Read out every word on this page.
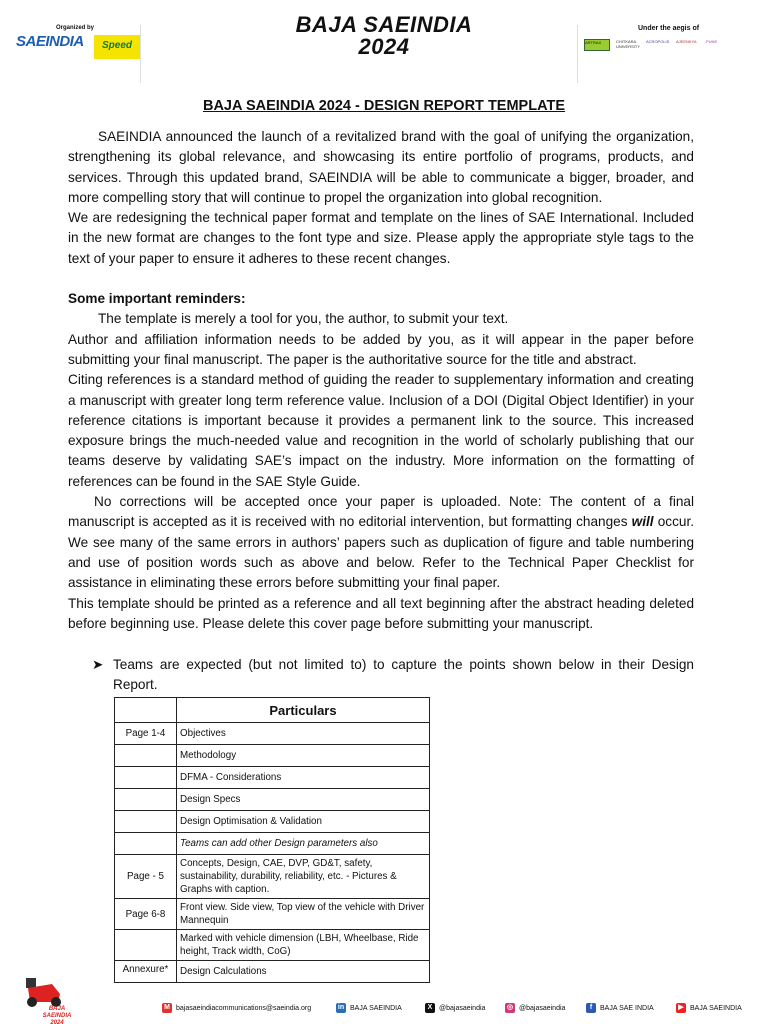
Organized by
SAEINDIA	Speed
BAJA SAEINDIA
2024
Under the aegis of
ARTRAX	CHITKARA UNIVERSITY
ACROPOLIS AJEENKYA	PUNE
BAJA SAEINDIA 2024 - DESIGN REPORT TEMPLATE

SAEINDIA announced the launch of a revitalized brand with the goal of unifying the organization, strengthening its global relevance, and showcasing its entire portfolio of programs, products, and services. Through this updated brand, SAEINDIA will be able to communicate a bigger, broader, and more compelling story that will continue to propel the organization into global recognition.

We are redesigning the technical paper format and template on the lines of SAE International. Included in the new format are changes to the font type and size. Please apply the appropriate style tags to the text of your paper to ensure it adheres to these recent changes.

Some important reminders:

The template is merely a tool for you, the author, to submit your text.

Author and affiliation information needs to be added by you, as it will appear in the paper before submitting your final manuscript. The paper is the authoritative source for the title and abstract.

Citing references is a standard method of guiding the reader to supplementary information and creating a manuscript with greater long term reference value. Inclusion of a DOI (Digital Object Identifier) in your reference citations is important because it provides a permanent link to the source. This increased exposure brings the much-needed value and recognition in the world of scholarly publishing that our teams deserve by validating SAE’s impact on the industry. More information on the formatting of references can be found in the SAE Style Guide.

No corrections will be accepted once your paper is uploaded. Note: The content of a final manuscript is accepted as it is received with no editorial intervention, but formatting changes will occur. We see many of the same errors in authors’ papers such as duplication of figure and table numbering and use of position words such as above and below. Refer to the Technical Paper Checklist for assistance in eliminating these errors before submitting your final paper.

This template should be printed as a reference and all text beginning after the abstract heading deleted before beginning use. Please delete this cover page before submitting your manuscript.

➤ Teams are expected (but not limited to) to capture the points shown below in their Design Report.
	Particulars
Page 1-4	Objectives
	Methodology
	DFMA - Considerations
	Design Specs
	Design Optimisation & Validation
	Teams can add other Design parameters also
Page - 5	Concepts, Design, CAE, DVP, GD&T, safety, sustainability, durability, reliability, etc. - Pictures & Graphs with caption.
Page 6-8	Front view. Side view, Top view of the vehicle with Driver Mannequin
	Marked with vehicle dimension (LBH, Wheelbase, Ride height, Track width, CoG)
Annexure*	Design Calculations
BAJA SAEINDIA 2024
M bajasaeindiacommunications@saeindia.org	in BAJA SAEINDIA	X @bajasaeindia	◎ @bajasaeindia	f	BAJA SAE INDIA	▶ BAJA SAEINDIA
